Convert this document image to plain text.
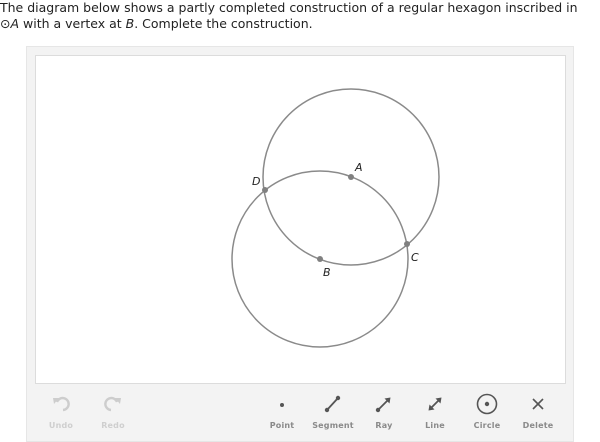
The diagram below shows a partly completed construction of a regular hexagon inscribed in
⊙A with a vertex at B. Complete the construction.
A
B
C
D
Undo	Redo	Point	Segment	Ray	Line	Circle	Delete
